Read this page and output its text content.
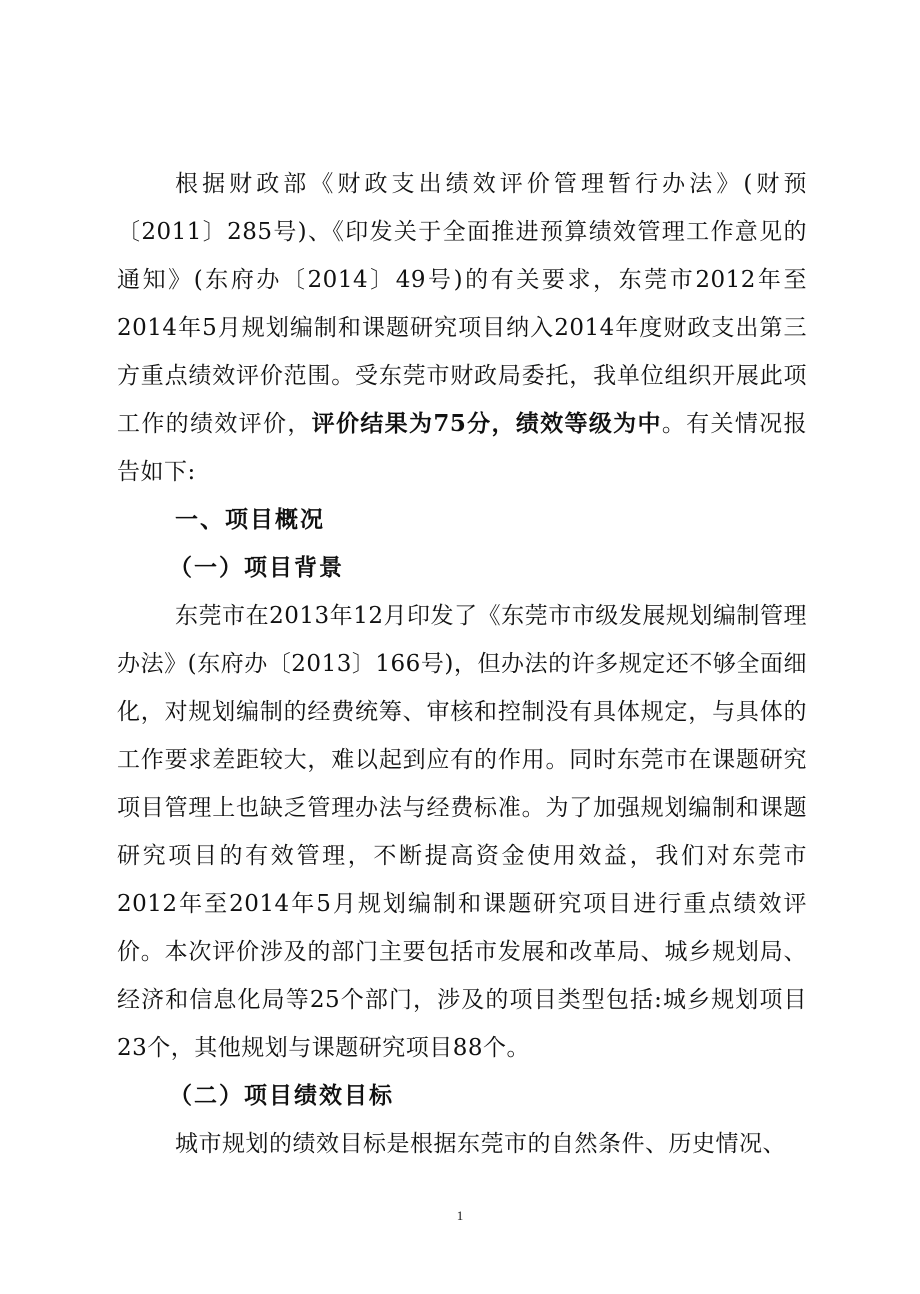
根据财政部《财政支出绩效评价管理暂行办法》(财预〔2011〕285号)、《印发关于全面推进预算绩效管理工作意见的通知》(东府办〔2014〕49号)的有关要求，东莞市2012年至2014年5月规划编制和课题研究项目纳入2014年度财政支出第三方重点绩效评价范围。受东莞市财政局委托，我单位组织开展此项工作的绩效评价，评价结果为75分，绩效等级为中。有关情况报告如下:

一、项目概况

（一）项目背景

东莞市在2013年12月印发了《东莞市市级发展规划编制管理办法》(东府办〔2013〕166号)，但办法的许多规定还不够全面细化，对规划编制的经费统筹、审核和控制没有具体规定，与具体的工作要求差距较大，难以起到应有的作用。同时东莞市在课题研究项目管理上也缺乏管理办法与经费标准。为了加强规划编制和课题研究项目的有效管理，不断提高资金使用效益，我们对东莞市2012年至2014年5月规划编制和课题研究项目进行重点绩效评价。本次评价涉及的部门主要包括市发展和改革局、城乡规划局、经济和信息化局等25个部门，涉及的项目类型包括:城乡规划项目23个，其他规划与课题研究项目88个。

（二）项目绩效目标

城市规划的绩效目标是根据东莞市的自然条件、历史情况、

1
